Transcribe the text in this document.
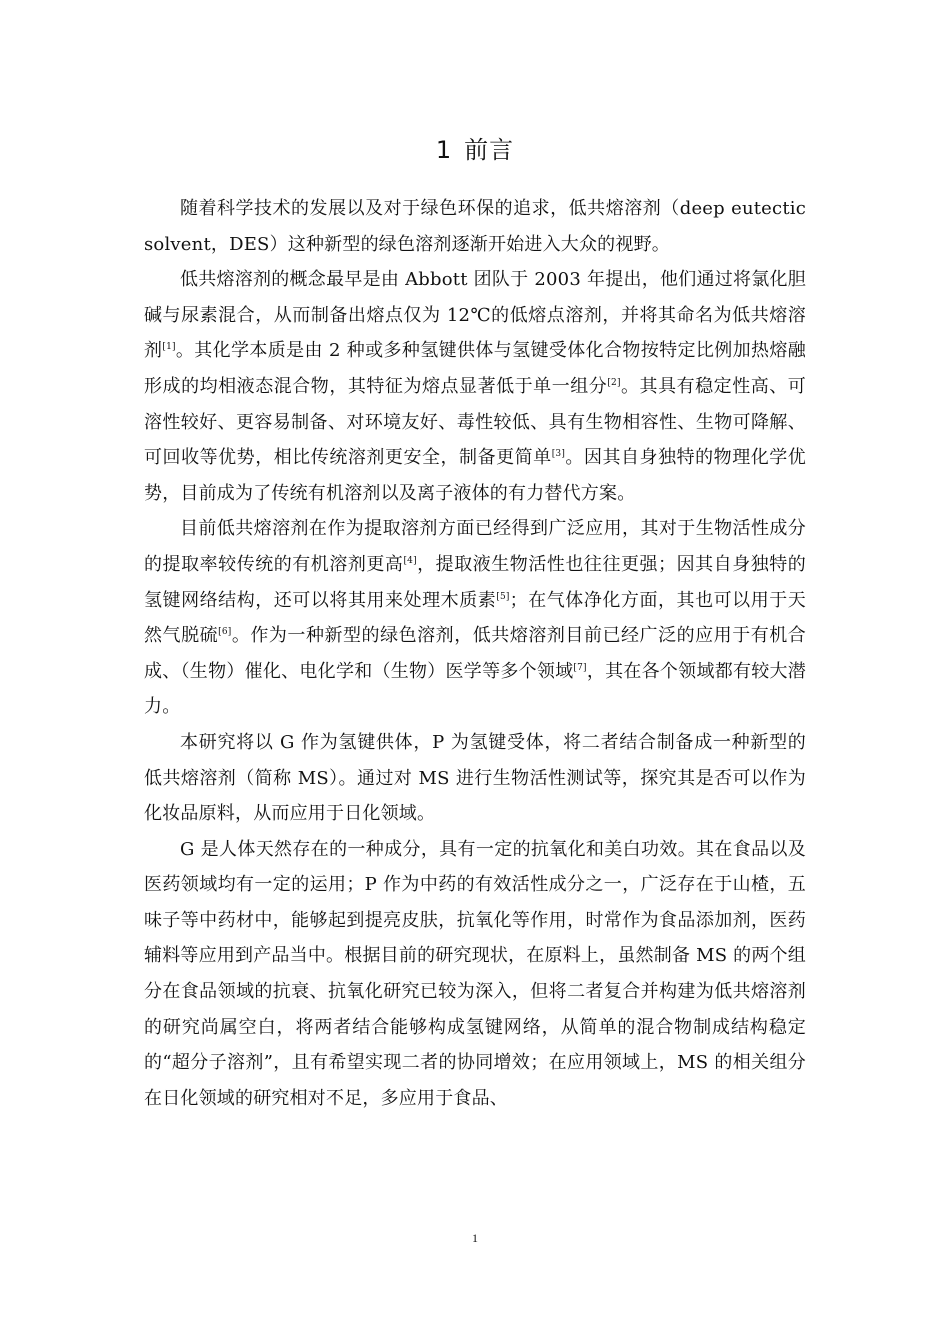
1 前言

随着科学技术的发展以及对于绿色环保的追求，低共熔溶剂（deep eutectic solvent，DES）这种新型的绿色溶剂逐渐开始进入大众的视野。

低共熔溶剂的概念最早是由 Abbott 团队于 2003 年提出，他们通过将氯化胆碱与尿素混合，从而制备出熔点仅为 12℃的低熔点溶剂，并将其命名为低共熔溶剂[1]。其化学本质是由 2 种或多种氢键供体与氢键受体化合物按特定比例加热熔融形成的均相液态混合物，其特征为熔点显著低于单一组分[2]。其具有稳定性高、可溶性较好、更容易制备、对环境友好、毒性较低、具有生物相容性、生物可降解、可回收等优势，相比传统溶剂更安全，制备更简单[3]。因其自身独特的物理化学优势，目前成为了传统有机溶剂以及离子液体的有力替代方案。

目前低共熔溶剂在作为提取溶剂方面已经得到广泛应用，其对于生物活性成分的提取率较传统的有机溶剂更高[4]，提取液生物活性也往往更强；因其自身独特的氢键网络结构，还可以将其用来处理木质素[5]；在气体净化方面，其也可以用于天然气脱硫[6]。作为一种新型的绿色溶剂，低共熔溶剂目前已经广泛的应用于有机合成、（生物）催化、电化学和（生物）医学等多个领域[7]，其在各个领域都有较大潜力。

本研究将以 G 作为氢键供体，P 为氢键受体，将二者结合制备成一种新型的低共熔溶剂（简称 MS）。通过对 MS 进行生物活性测试等，探究其是否可以作为化妆品原料，从而应用于日化领域。

G 是人体天然存在的一种成分，具有一定的抗氧化和美白功效。其在食品以及医药领域均有一定的运用；P 作为中药的有效活性成分之一，广泛存在于山楂，五味子等中药材中，能够起到提亮皮肤，抗氧化等作用，时常作为食品添加剂，医药辅料等应用到产品当中。根据目前的研究现状，在原料上，虽然制备 MS 的两个组分在食品领域的抗衰、抗氧化研究已较为深入，但将二者复合并构建为低共熔溶剂的研究尚属空白，将两者结合能够构成氢键网络，从简单的混合物制成结构稳定的“超分子溶剂”，且有希望实现二者的协同增效；在应用领域上，MS 的相关组分在日化领域的研究相对不足，多应用于食品、

1
